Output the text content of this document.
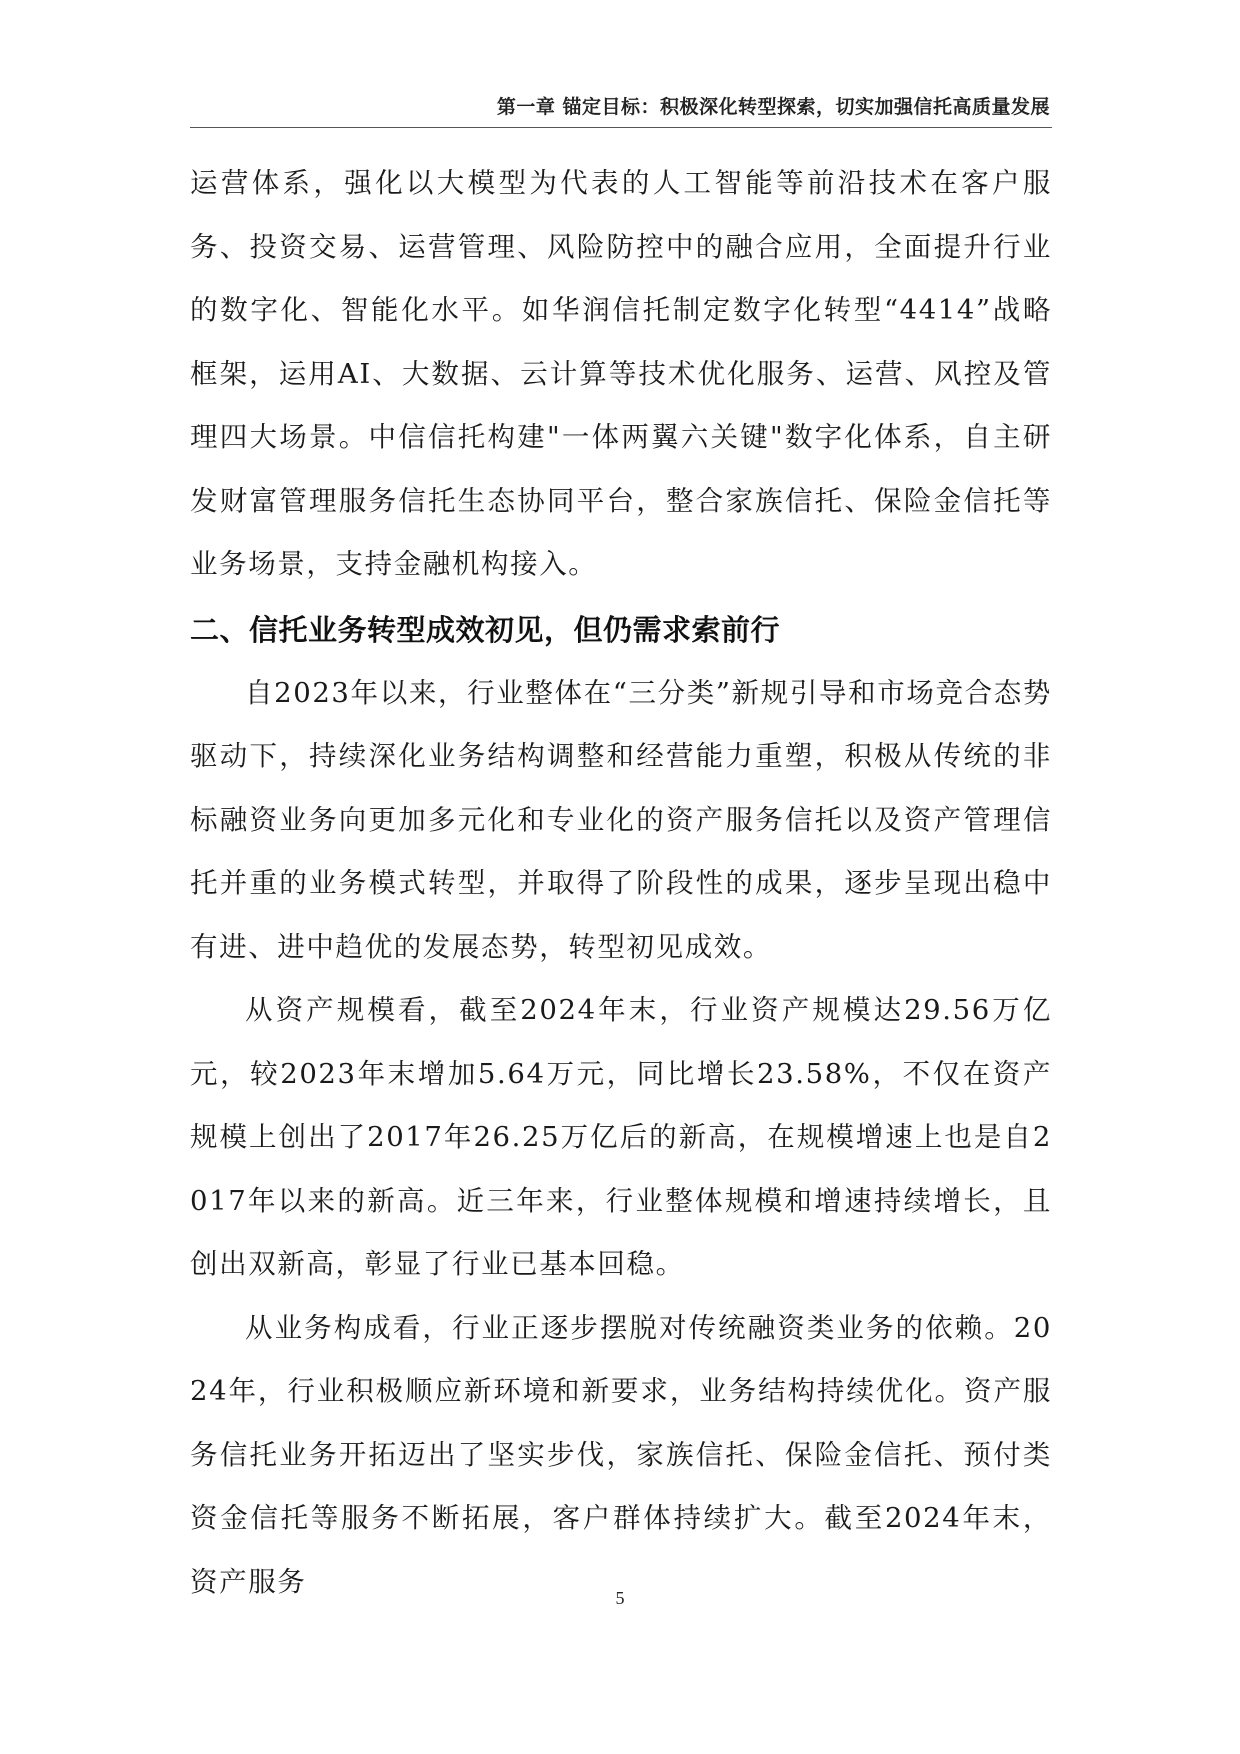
第一章 锚定目标：积极深化转型探索，切实加强信托高质量发展

运营体系，强化以大模型为代表的人工智能等前沿技术在客户服务、投资交易、运营管理、风险防控中的融合应用，全面提升行业的数字化、智能化水平。如华润信托制定数字化转型“4414”战略框架，运用AI、大数据、云计算等技术优化服务、运营、风控及管理四大场景。中信信托构建"一体两翼六关键"数字化体系，自主研发财富管理服务信托生态协同平台，整合家族信托、保险金信托等业务场景，支持金融机构接入。

二、信托业务转型成效初见，但仍需求索前行

自2023年以来，行业整体在“三分类”新规引导和市场竞合态势驱动下，持续深化业务结构调整和经营能力重塑，积极从传统的非标融资业务向更加多元化和专业化的资产服务信托以及资产管理信托并重的业务模式转型，并取得了阶段性的成果，逐步呈现出稳中有进、进中趋优的发展态势，转型初见成效。

从资产规模看，截至2024年末，行业资产规模达29.56万亿元，较2023年末增加5.64万元，同比增长23.58%，不仅在资产规模上创出了2017年26.25万亿后的新高，在规模增速上也是自2017年以来的新高。近三年来，行业整体规模和增速持续增长，且创出双新高，彰显了行业已基本回稳。

从业务构成看，行业正逐步摆脱对传统融资类业务的依赖。2024年，行业积极顺应新环境和新要求，业务结构持续优化。资产服务信托业务开拓迈出了坚实步伐，家族信托、保险金信托、预付类资金信托等服务不断拓展，客户群体持续扩大。截至2024年末，资产服务

5
